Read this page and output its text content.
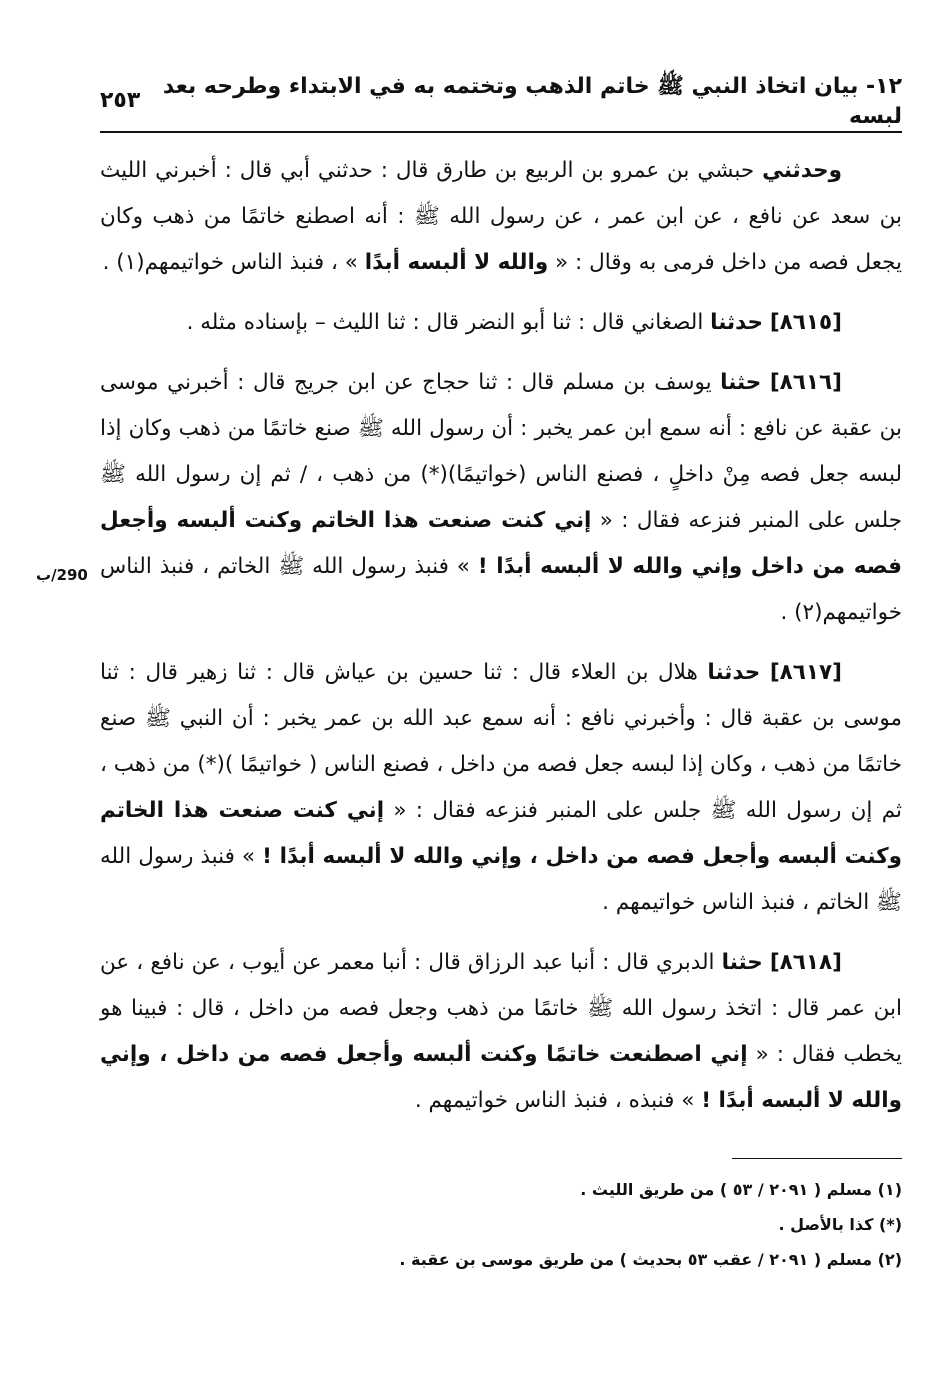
١٢- بيان اتخاذ النبي ﷺ خاتم الذهب وتختمه به في الابتداء وطرحه بعد لبسه
٢٥٣
290/ب

وحدثني حبشي بن عمرو بن الربيع بن طارق قال : حدثني أبي قال : أخبرني الليث بن سعد عن نافع ، عن ابن عمر ، عن رسول الله ﷺ : أنه اصطنع خاتمًا من ذهب وكان يجعل فصه من داخل فرمى به وقال : « والله لا ألبسه أبدًا » ، فنبذ الناس خواتيمهم(١) .

[٨٦١٥] حدثنا الصغاني قال : ثنا أبو النضر قال : ثنا الليث – بإسناده مثله .

[٨٦١٦] حثنا يوسف بن مسلم قال : ثنا حجاج عن ابن جريج قال : أخبرني موسى بن عقبة عن نافع : أنه سمع ابن عمر يخبر : أن رسول الله ﷺ صنع خاتمًا من ذهب وكان إذا لبسه جعل فصه مِنْ داخلٍ ، فصنع الناس (خواتيمًا)(*) من ذهب ، / ثم إن رسول الله ﷺ جلس على المنبر فنزعه فقال : « إني كنت صنعت هذا الخاتم وكنت ألبسه وأجعل فصه من داخل وإني والله لا ألبسه أبدًا ! » فنبذ رسول الله ﷺ الخاتم ، فنبذ الناس خواتيمهم(٢) .

[٨٦١٧] حدثنا هلال بن العلاء قال : ثنا حسين بن عياش قال : ثنا زهير قال : ثنا موسى بن عقبة قال : وأخبرني نافع : أنه سمع عبد الله بن عمر يخبر : أن النبي ﷺ صنع خاتمًا من ذهب ، وكان إذا لبسه جعل فصه من داخل ، فصنع الناس ( خواتيمًا )(*) من ذهب ، ثم إن رسول الله ﷺ جلس على المنبر فنزعه فقال : « إني كنت صنعت هذا الخاتم وكنت ألبسه وأجعل فصه من داخل ، وإني والله لا ألبسه أبدًا ! » فنبذ رسول الله ﷺ الخاتم ، فنبذ الناس خواتيمهم .

[٨٦١٨] حثنا الدبري قال : أنبا عبد الرزاق قال : أنبا معمر عن أيوب ، عن نافع ، عن ابن عمر قال : اتخذ رسول الله ﷺ خاتمًا من ذهب وجعل فصه من داخل ، قال : فبينا هو يخطب فقال : « إني اصطنعت خاتمًا وكنت ألبسه وأجعل فصه من داخل ، وإني والله لا ألبسه أبدًا ! » فنبذه ، فنبذ الناس خواتيمهم .

(١) مسلم ( ٢٠٩١ / ٥٣ ) من طريق الليث .
(*) كذا بالأصل .
(٢) مسلم ( ٢٠٩١ / عقب ٥٣ بحديث ) من طريق موسى بن عقبة .
